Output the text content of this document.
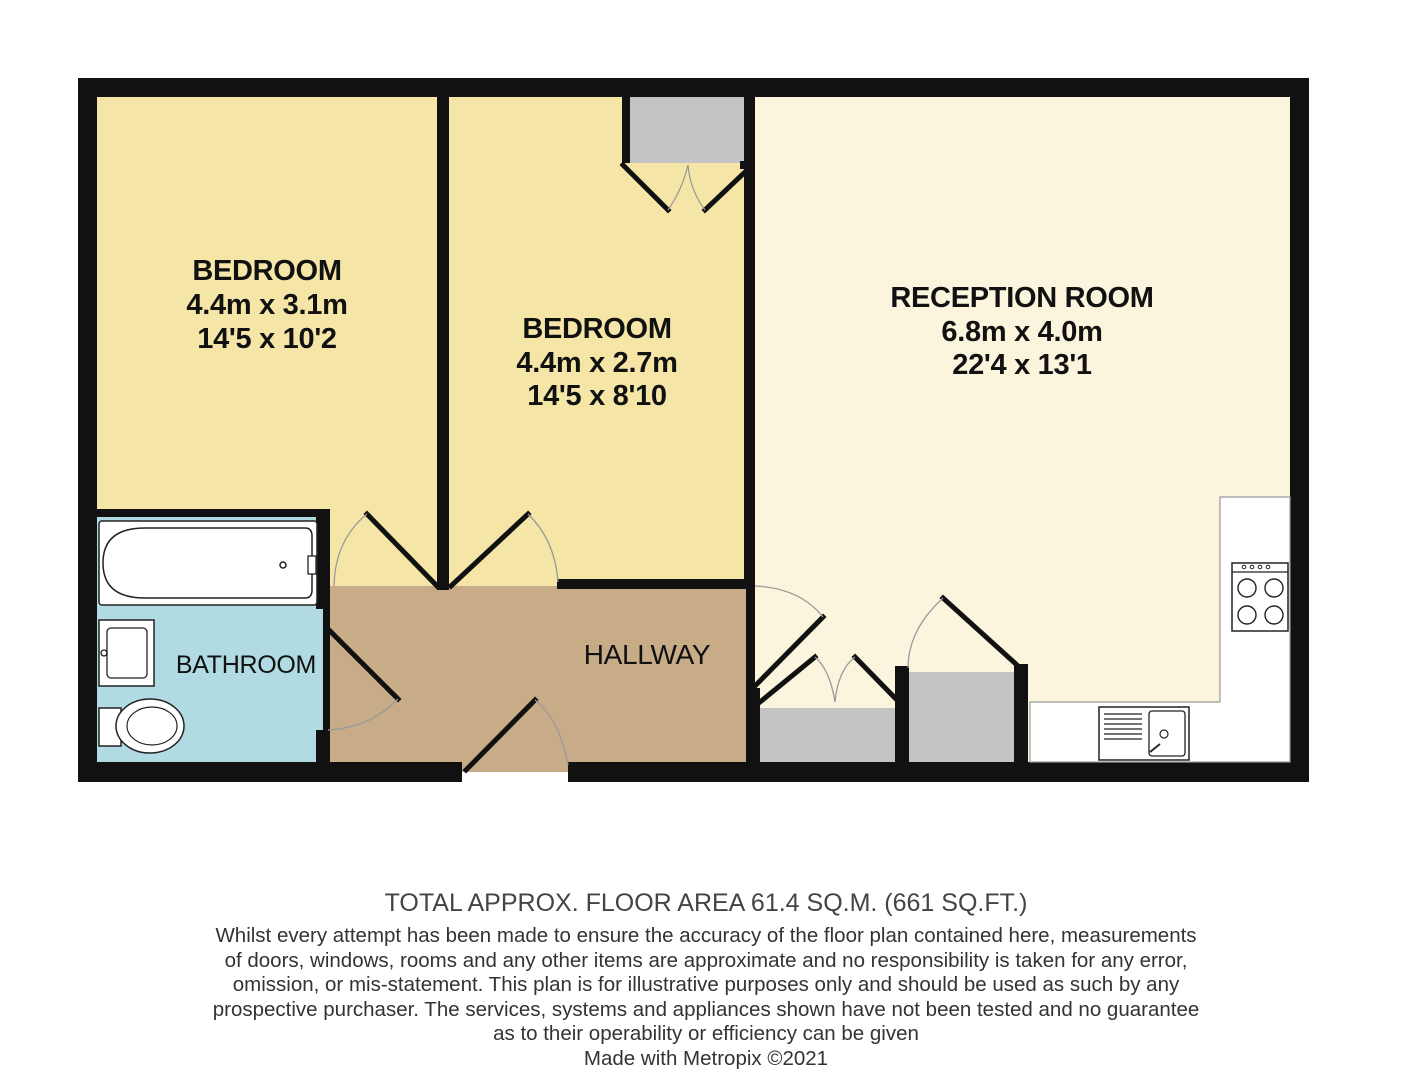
BEDROOM
4.4m x 3.1m
14'5 x 10'2	BEDROOM
4.4m x 2.7m
14'5 x 8'10
RECEPTION ROOM
6.8m x 4.0m
22'4 x 13'1
BATHROOM	HALLWAY
TOTAL APPROX. FLOOR AREA 61.4 SQ.M. (661 SQ.FT.)
Whilst every attempt has been made to ensure the accuracy of the floor plan contained here, measurements
of doors, windows, rooms and any other items are approximate and no responsibility is taken for any error,
omission, or mis-statement. This plan is for illustrative purposes only and should be used as such by any
prospective purchaser. The services, systems and appliances shown have not been tested and no guarantee
as to their operability or efficiency can be given
Made with Metropix ©2021
